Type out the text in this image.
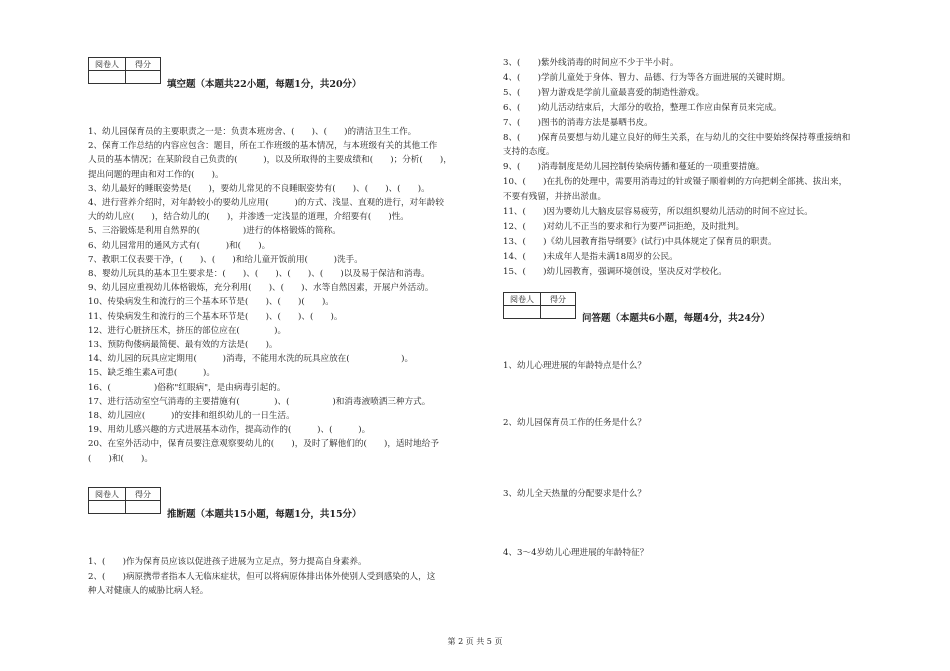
阅卷人	得分

填空题（本题共22小题，每题1分，共20分）
1、幼儿园保育员的主要职责之一是：负责本班房舍、(　　)、(　　)的清洁卫生工作。
2、保育工作总结的内容应包含：题目，所在工作班级的基本情况，与本班级有关的其他工作
人员的基本情况；在某阶段自己负责的(　　　)，以及所取得的主要成绩和(　　)；分析(　　)，
提出问题的理由和对工作的(　　)。
3、幼儿最好的睡眠姿势是(　　)，要幼儿常见的不良睡眠姿势有(　　)、(　　)、(　　)。
4、进行营养介绍时，对年龄较小的要幼儿应用(　　　)的方式、浅显、直观的进行，对年龄较
大的幼儿应(　　)，结合幼儿的(　　)，并渗透一定浅显的道理，介绍要有(　　)性。
5、三浴锻炼是利用自然界的(　　　　　)进行的体格锻炼的简称。
6、幼儿园常用的通风方式有(　　　)和(　　)。
7、教职工仪表要干净，(　　)、(　　)和给儿童开饭前用(　　　)洗手。
8、婴幼儿玩具的基本卫生要求是：(　　)、(　　)、(　　)、(　　)以及易于保洁和消毒。
9、幼儿园应重视幼儿体格锻炼，充分利用(　　)、(　　)、水等自然因素，开展户外活动。
10、传染病发生和流行的三个基本环节是(　　)、(　　)(　　)。
11、传染病发生和流行的三个基本环节是(　　)、(　　)、(　　)。
12、进行心脏挤压术，挤压的部位应在(　　　　)。
13、预防佝偻病最简便、最有效的方法是(　　)。
14、幼儿园的玩具应定期用(　　　)消毒，不能用水洗的玩具应放在(　　　　　　)。
15、缺乏维生素A可患(　　　)。
16、(　　　　　)俗称"红眼病"，是由病毒引起的。
17、进行活动室空气消毒的主要措施有(　　　　)、(　　　　　)和消毒液喷洒三种方式。
18、幼儿园应(　　　)的安排和组织幼儿的一日生活。
19、用幼儿感兴趣的方式进展基本动作，提高动作的(　　　)、(　　　)。
20、在室外活动中，保育员要注意观察要幼儿的(　　)，及时了解他们的(　　)，适时地给予
(　　)和(　　)。
阅卷人	得分

推断题（本题共15小题，每题1分，共15分）
1、(　　)作为保育员应该以促进孩子进展为立足点，努力提高自身素养。
2、(　　)病原携带者指本人无临床症状，但可以将病原体排出体外使别人受到感染的人，这
种人对健康人的威胁比病人轻。
3、(　　)紫外线消毒的时间应不少于半小时。
4、(　　)学前儿童处于身体、智力、品德、行为等各方面进展的关键时期。
5、(　　)智力游戏是学前儿童最喜爱的制造性游戏。
6、(　　)幼儿活动结束后，大部分的收拾，整理工作应由保育员来完成。
7、(　　)图书的消毒方法是暴晒书皮。
8、(　　)保育员要想与幼儿建立良好的师生关系，在与幼儿的交往中要始终保持尊重接纳和
支持的态度。
9、(　　)消毒制度是幼儿园控制传染病传播和蔓延的一项重要措施。
10、(　　)在扎伤的处理中，需要用消毒过的针或镊子顺着刺的方向把刺全部挑、拔出来，
不要有残留，并挤出淤血。
11、(　　)因为婴幼儿大脑皮层容易疲劳，所以组织婴幼儿活动的时间不应过长。
12、(　　)对幼儿不正当的要求和行为要严词拒绝，及时批判。
13、(　　)《幼儿园教育指导纲要》(试行)中具体规定了保育员的职责。
14、(　　)未成年人是指未满18周岁的公民。
15、(　　)幼儿园教育，强调环境创设，坚决反对学校化。
阅卷人	得分

问答题（本题共6小题，每题4分，共24分）
1、幼儿心理进展的年龄特点是什么？
2、幼儿园保育员工作的任务是什么？
3、幼儿全天热量的分配要求是什么？
4、3～4岁幼儿心理进展的年龄特征？
第 2 页 共 5 页
